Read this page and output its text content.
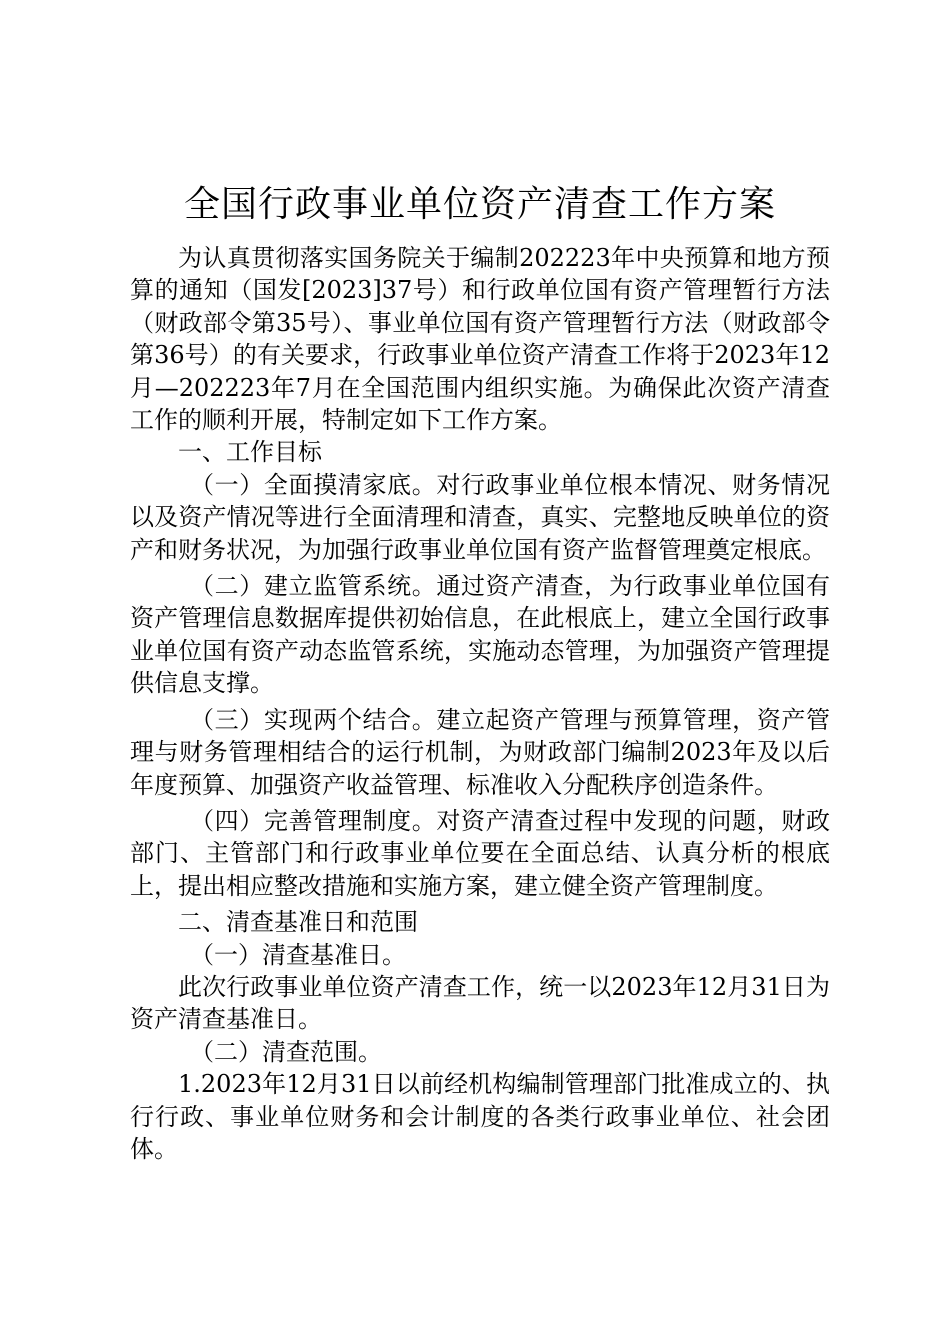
全国行政事业单位资产清查工作方案

为认真贯彻落实国务院关于编制202223年中央预算和地方预算的通知（国发[2023]37号）和行政单位国有资产管理暂行方法（财政部令第35号）、事业单位国有资产管理暂行方法（财政部令第36号）的有关要求，行政事业单位资产清查工作将于2023年12月—202223年7月在全国范围内组织实施。为确保此次资产清查工作的顺利开展，特制定如下工作方案。

一、工作目标

（一）全面摸清家底。对行政事业单位根本情况、财务情况以及资产情况等进行全面清理和清查，真实、完整地反映单位的资产和财务状况，为加强行政事业单位国有资产监督管理奠定根底。

（二）建立监管系统。通过资产清查，为行政事业单位国有资产管理信息数据库提供初始信息，在此根底上，建立全国行政事业单位国有资产动态监管系统，实施动态管理，为加强资产管理提供信息支撑。

（三）实现两个结合。建立起资产管理与预算管理，资产管理与财务管理相结合的运行机制，为财政部门编制2023年及以后年度预算、加强资产收益管理、标准收入分配秩序创造条件。

（四）完善管理制度。对资产清查过程中发现的问题，财政部门、主管部门和行政事业单位要在全面总结、认真分析的根底上，提出相应整改措施和实施方案，建立健全资产管理制度。

二、清查基准日和范围

（一）清查基准日。

此次行政事业单位资产清查工作，统一以2023年12月31日为资产清查基准日。

（二）清查范围。

1.2023年12月31日以前经机构编制管理部门批准成立的、执行行政、事业单位财务和会计制度的各类行政事业单位、社会团体。
